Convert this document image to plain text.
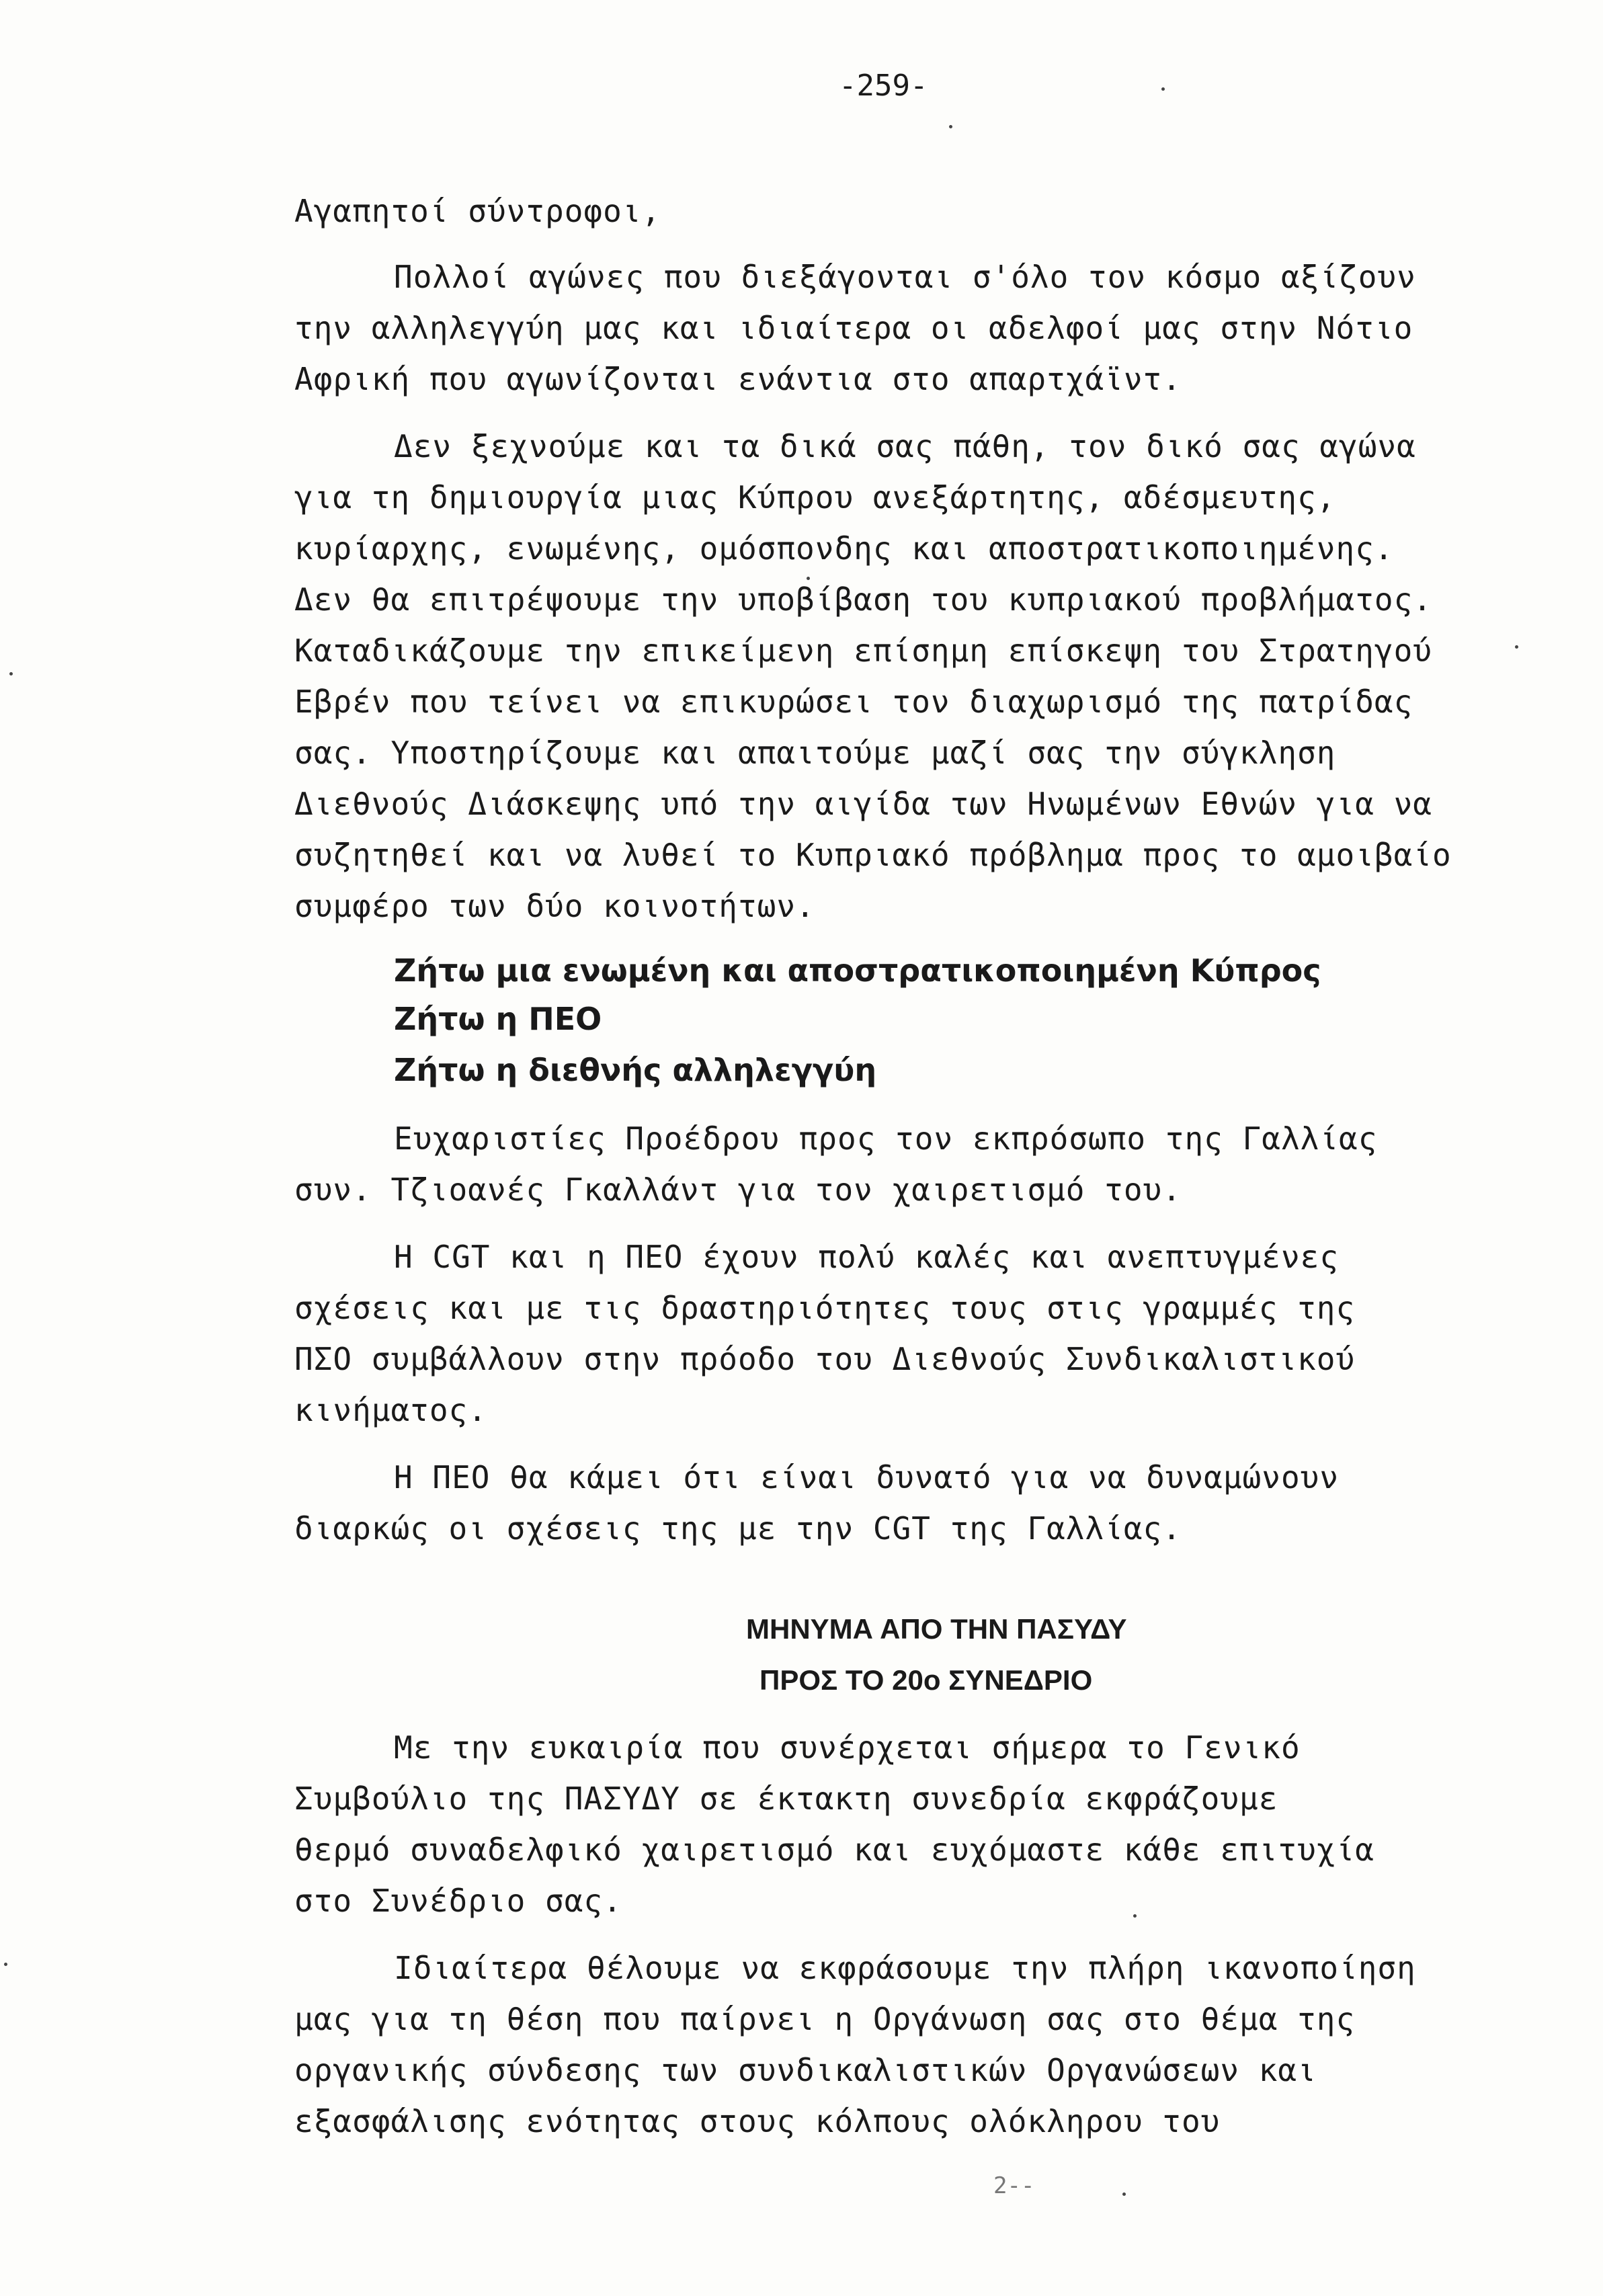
-259-
Αγαπητοί σύντροφοι,
Πολλοί αγώνες που διεξάγονται σ'όλο τον κόσμο αξίζουν
την αλληλεγγύη μας και ιδιαίτερα οι αδελφοί μας στην Νότιο
Αφρική που αγωνίζονται ενάντια στο απαρτχάϊντ.
Δεν ξεχνούμε και τα δικά σας πάθη, τον δικό σας αγώνα
για τη δημιουργία μιας Κύπρου ανεξάρτητης, αδέσμευτης,
κυρίαρχης, ενωμένης, ομόσπονδης και αποστρατικοποιημένης.
Δεν θα επιτρέψουμε την υποβίβαση του κυπριακού προβλήματος.
Καταδικάζουμε την επικείμενη επίσημη επίσκεψη του Στρατηγού
Εβρέν που τείνει να επικυρώσει τον διαχωρισμό της πατρίδας
σας. Υποστηρίζουμε και απαιτούμε μαζί σας την σύγκληση
Διεθνούς Διάσκεψης υπό την αιγίδα των Ηνωμένων Εθνών για να
συζητηθεί και να λυθεί το Κυπριακό πρόβλημα προς το αμοιβαίο
συμφέρο των δύο κοινοτήτων.
Ζήτω μια ενωμένη και αποστρατικοποιημένη Κύπρος
Ζήτω η ΠΕΟ
Ζήτω η διεθνής αλληλεγγύη
Ευχαριστίες Προέδρου προς τον εκπρόσωπο της Γαλλίας
συν. Τζιοανές Γκαλλάντ για τον χαιρετισμό του.
Η CGT και η ΠΕΟ έχουν πολύ καλές και ανεπτυγμένες
σχέσεις και με τις δραστηριότητες τους στις γραμμές της
ΠΣΟ συμβάλλουν στην πρόοδο του Διεθνούς Συνδικαλιστικού
κινήματος.
Η ΠΕΟ θα κάμει ότι είναι δυνατό για να δυναμώνουν
διαρκώς οι σχέσεις της με την CGT της Γαλλίας.
ΜΗΝΥΜΑ ΑΠΟ ΤΗΝ ΠΑΣΥΔΥ
ΠΡΟΣ ΤΟ 20ο ΣΥΝΕΔΡΙΟ
Με την ευκαιρία που συνέρχεται σήμερα το Γενικό
Συμβούλιο της ΠΑΣΥΔΥ σε έκτακτη συνεδρία εκφράζουμε
θερμό συναδελφικό χαιρετισμό και ευχόμαστε κάθε επιτυχία
στο Συνέδριο σας.
Ιδιαίτερα θέλουμε να εκφράσουμε την πλήρη ικανοποίηση
μας για τη θέση που παίρνει η Οργάνωση σας στο θέμα της
οργανικής σύνδεσης των συνδικαλιστικών Οργανώσεων και
εξασφάλισης ενότητας στους κόλπους ολόκληρου του
2--
